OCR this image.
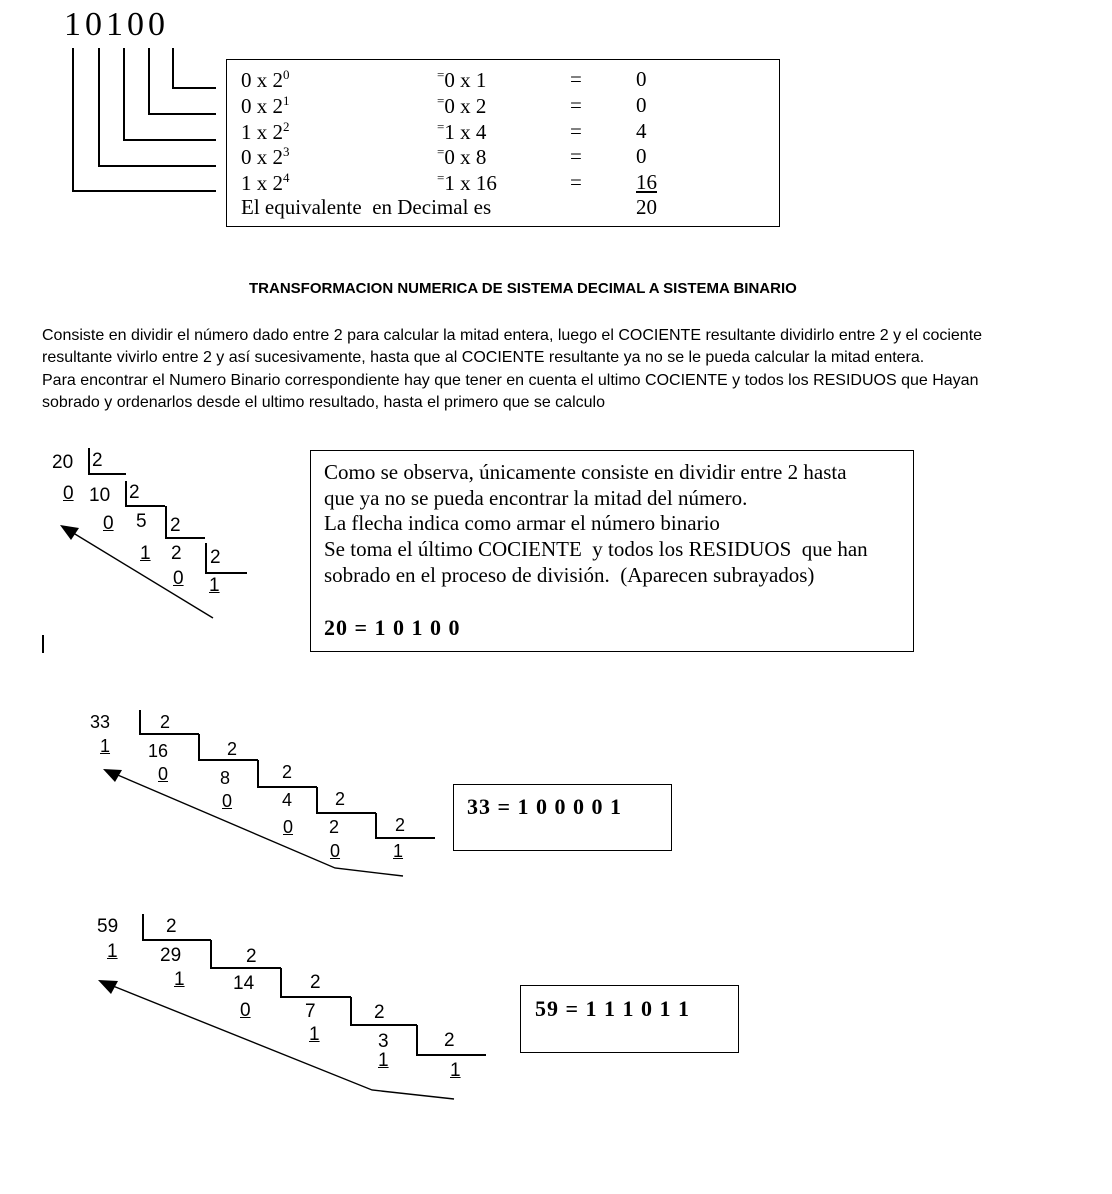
10100
0 x $2^0$	=0 x 1	=	0
0 x $2^1$	=0 x 2	=	0
1 x $2^2$	=1 x 4	=	4
0 x $2^3$	=0 x 8	=	0
1 x $2^4$	=1 x 16	=	16
El equivalente  en Decimal es	20
TRANSFORMACION NUMERICA DE SISTEMA DECIMAL A SISTEMA BINARIO
Consiste en dividir el número dado entre 2 para calcular la mitad entera, luego el COCIENTE resultante dividirlo entre 2 y el cociente
resultante vivirlo entre 2 y así sucesivamente, hasta que al COCIENTE resultante ya no se le pueda calcular la mitad entera.
Para encontrar el Numero Binario correspondiente hay que tener en cuenta el ultimo COCIENTE y todos los RESIDUOS que Hayan
sobrado y ordenarlos desde el ultimo resultado, hasta el primero que se calculo
20 2
0 10 2
0 5 2
1 2 2
0 1
Como se observa, únicamente consiste en dividir entre 2 hasta
que ya no se pueda encontrar la mitad del número.
La flecha indica como armar el número binario
Se toma el último COCIENTE  y todos los RESIDUOS  que han
sobrado en el proceso de división.  (Aparecen subrayados)
20 = 1 0 1 0 0
33
1
2
16
0
2
8
0
2
4
0
2
2
0
2
1
33 = 1 0 0 0 0 1
59
1
2
29
1
2
14
0
2
7
1
2
3
1
2
1
59 = 1 1 1 0 1 1
